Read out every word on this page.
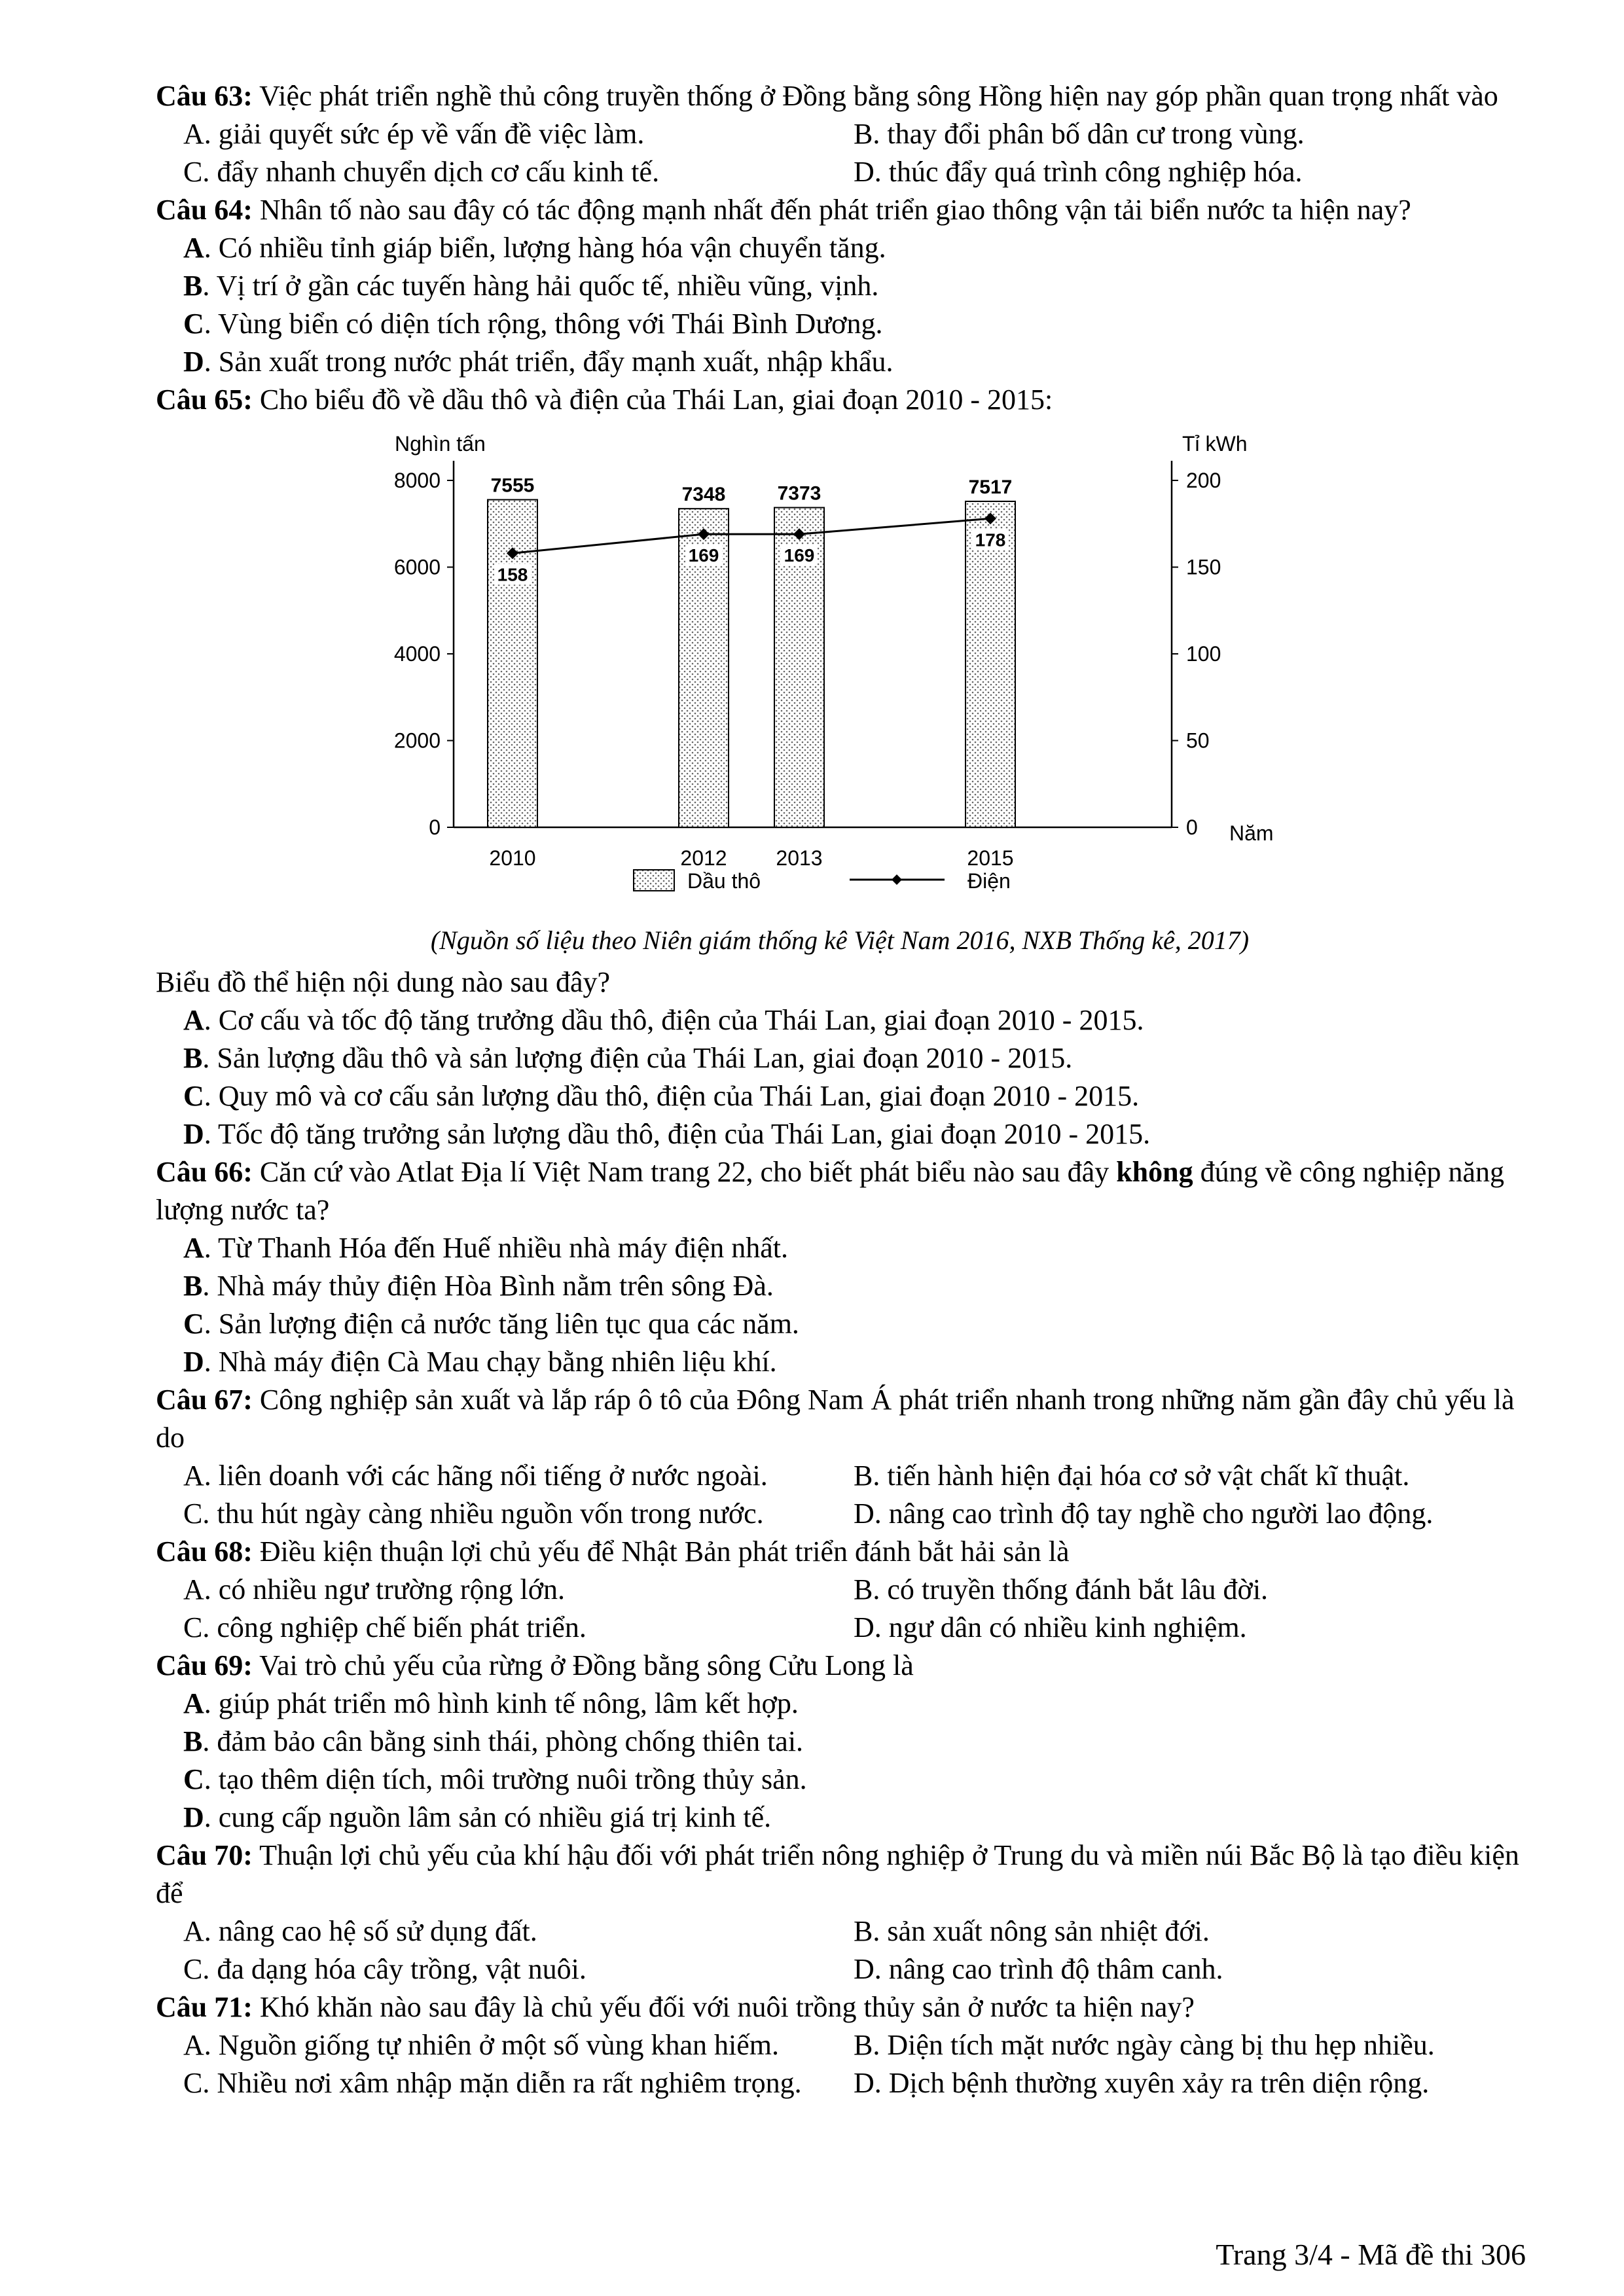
Câu 63: Việc phát triển nghề thủ công truyền thống ở Đồng bằng sông Hồng hiện nay góp phần quan trọng nhất vào

A. giải quyết sức ép về vấn đề việc làm.	B. thay đổi phân bố dân cư trong vùng.
C. đẩy nhanh chuyển dịch cơ cấu kinh tế.	D. thúc đẩy quá trình công nghiệp hóa.

Câu 64: Nhân tố nào sau đây có tác động mạnh nhất đến phát triển giao thông vận tải biển nước ta hiện nay?

A. Có nhiều tỉnh giáp biển, lượng hàng hóa vận chuyển tăng.
B. Vị trí ở gần các tuyến hàng hải quốc tế, nhiều vũng, vịnh.
C. Vùng biển có diện tích rộng, thông với Thái Bình Dương.
D. Sản xuất trong nước phát triển, đẩy mạnh xuất, nhập khẩu.

Câu 65: Cho biểu đồ về dầu thô và điện của Thái Lan, giai đoạn 2010 - 2015:

Nghìn tấn	Tỉ kWh
Năm
Dầu thô	Điện
0
2000
4000
6000
8000
0
50
100
150
200
7555
2010
7348
2012
7373
2013
7517
2015
158
169	169
178
(Nguồn số liệu theo Niên giám thống kê Việt Nam 2016, NXB Thống kê, 2017)

Biểu đồ thể hiện nội dung nào sau đây?

A. Cơ cấu và tốc độ tăng trưởng dầu thô, điện của Thái Lan, giai đoạn 2010 - 2015.
B. Sản lượng dầu thô và sản lượng điện của Thái Lan, giai đoạn 2010 - 2015.
C. Quy mô và cơ cấu sản lượng dầu thô, điện của Thái Lan, giai đoạn 2010 - 2015.
D. Tốc độ tăng trưởng sản lượng dầu thô, điện của Thái Lan, giai đoạn 2010 - 2015.

Câu 66: Căn cứ vào Atlat Địa lí Việt Nam trang 22, cho biết phát biểu nào sau đây không đúng về công nghiệp năng lượng nước ta?

A. Từ Thanh Hóa đến Huế nhiều nhà máy điện nhất.
B. Nhà máy thủy điện Hòa Bình nằm trên sông Đà.
C. Sản lượng điện cả nước tăng liên tục qua các năm.
D. Nhà máy điện Cà Mau chạy bằng nhiên liệu khí.

Câu 67: Công nghiệp sản xuất và lắp ráp ô tô của Đông Nam Á phát triển nhanh trong những năm gần đây chủ yếu là do

A. liên doanh với các hãng nổi tiếng ở nước ngoài.	B. tiến hành hiện đại hóa cơ sở vật chất kĩ thuật.
C. thu hút ngày càng nhiều nguồn vốn trong nước.	D. nâng cao trình độ tay nghề cho người lao động.

Câu 68: Điều kiện thuận lợi chủ yếu để Nhật Bản phát triển đánh bắt hải sản là

A. có nhiều ngư trường rộng lớn.	B. có truyền thống đánh bắt lâu đời.
C. công nghiệp chế biến phát triển.	D. ngư dân có nhiều kinh nghiệm.

Câu 69: Vai trò chủ yếu của rừng ở Đồng bằng sông Cửu Long là

A. giúp phát triển mô hình kinh tế nông, lâm kết hợp.
B. đảm bảo cân bằng sinh thái, phòng chống thiên tai.
C. tạo thêm diện tích, môi trường nuôi trồng thủy sản.
D. cung cấp nguồn lâm sản có nhiều giá trị kinh tế.

Câu 70: Thuận lợi chủ yếu của khí hậu đối với phát triển nông nghiệp ở Trung du và miền núi Bắc Bộ là tạo điều kiện để

A. nâng cao hệ số sử dụng đất.	B. sản xuất nông sản nhiệt đới.
C. đa dạng hóa cây trồng, vật nuôi.	D. nâng cao trình độ thâm canh.

Câu 71: Khó khăn nào sau đây là chủ yếu đối với nuôi trồng thủy sản ở nước ta hiện nay?

A. Nguồn giống tự nhiên ở một số vùng khan hiếm.	B. Diện tích mặt nước ngày càng bị thu hẹp nhiều.
C. Nhiều nơi xâm nhập mặn diễn ra rất nghiêm trọng.	D. Dịch bệnh thường xuyên xảy ra trên diện rộng.
Trang 3/4 - Mã đề thi 306
